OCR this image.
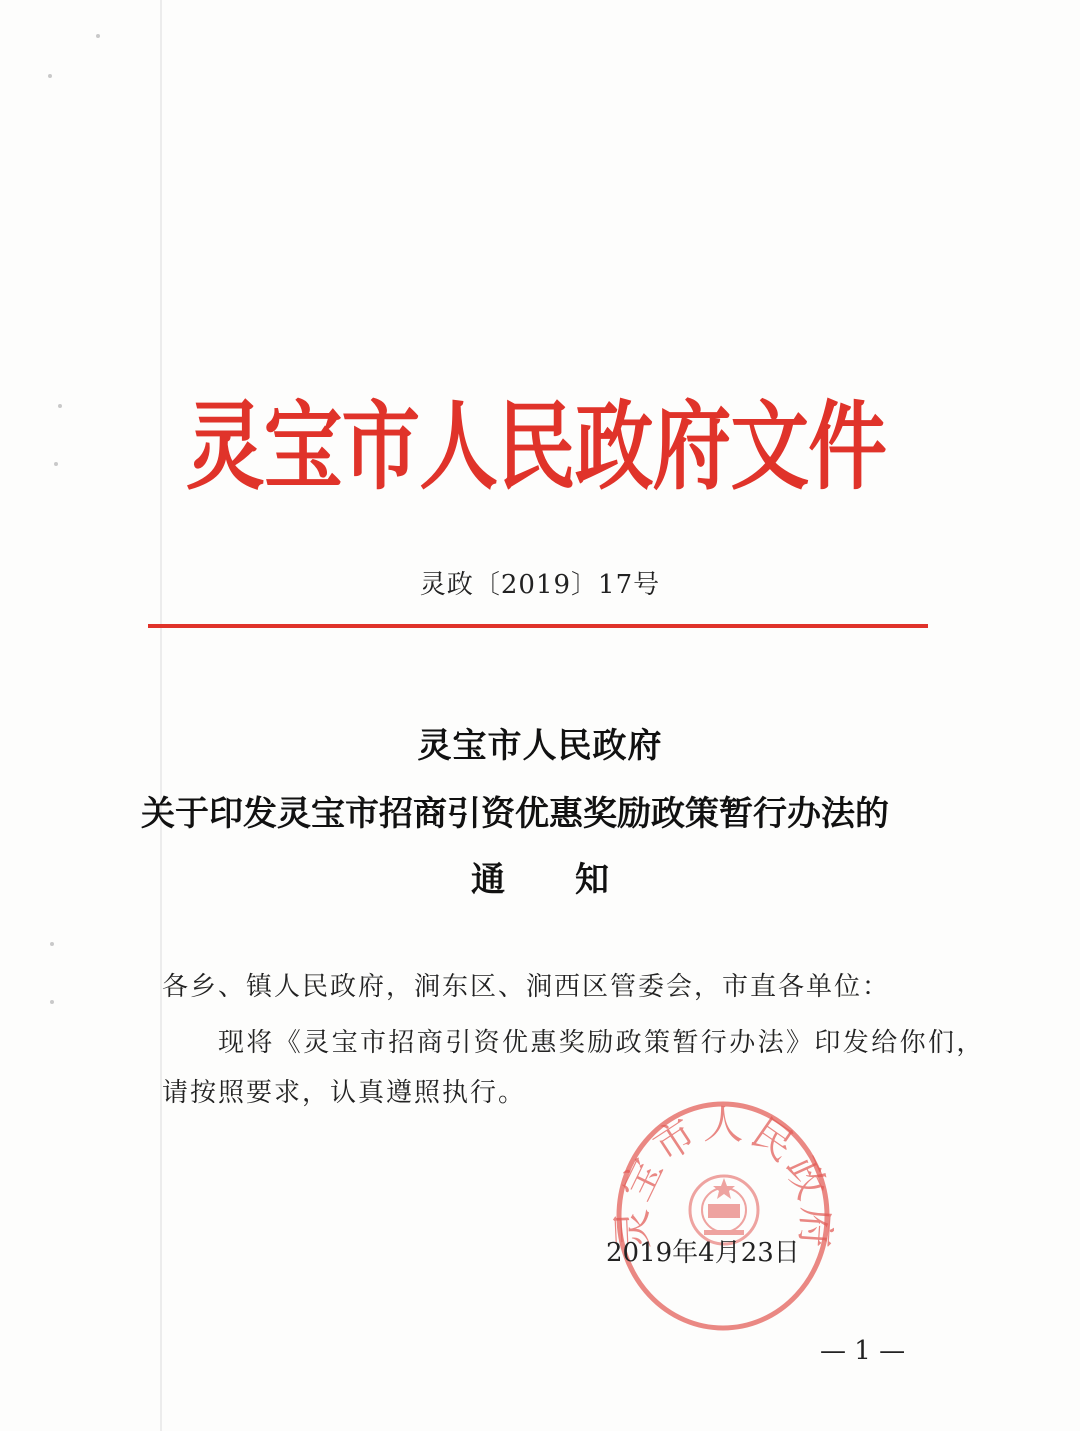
灵宝市人民政府文件
灵政〔2019〕17号
灵宝市人民政府
关于印发灵宝市招商引资优惠奖励政策暂行办法的
通知
各乡、镇人民政府，涧东区、涧西区管委会，市直各单位：
现将《灵宝市招商引资优惠奖励政策暂行办法》印发给你们，
请按照要求，认真遵照执行。
灵宝市人民政
2019年4月23日
— 1 —
